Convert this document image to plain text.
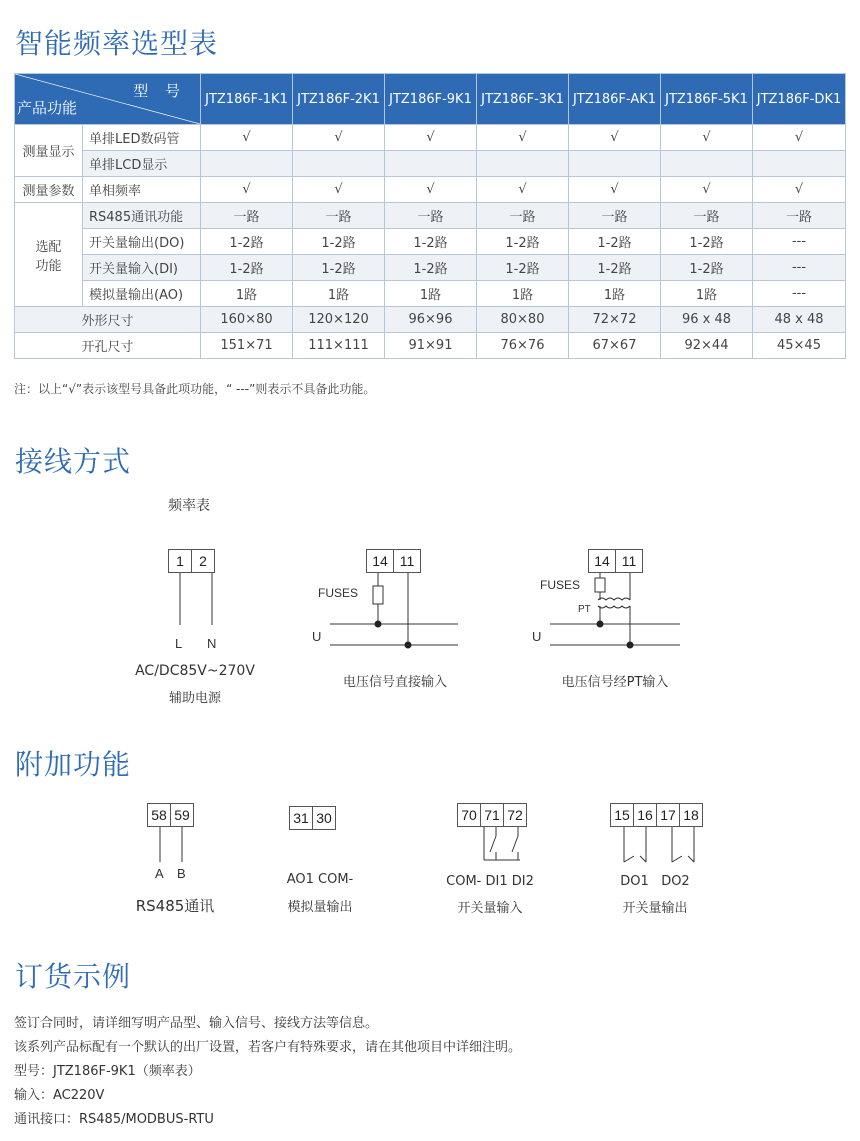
智能频率选型表
型 号
产品功能		JTZ186F-1K1	JTZ186F-2K1	JTZ186F-9K1	JTZ186F-3K1	JTZ186F-AK1	JTZ186F-5K1	JTZ186F-DK1
测量显示	单排LED数码管	√	√	√	√	√	√	√
	单排LCD显示							
测量参数	单相频率	√	√	√	√	√	√	√

选配
功能	RS485通讯功能	一路	一路	一路	一路	一路	一路	一路
	开关量输出(DO)	1-2路	1-2路	1-2路	1-2路	1-2路	1-2路	---
	开关量输入(DI)	1-2路	1-2路	1-2路	1-2路	1-2路	1-2路	---
	模拟量输出(AO)	1路	1路	1路	1路	1路	1路	---
外形尺寸		160×80	120×120	96×96	80×80	72×72	96 x 48	48 x 48
开孔尺寸		151×71	111×111	91×91	76×76	67×67	92×44	45×45
注：以上“√”表示该型号具备此项功能，“ ---”则表示不具备此功能。
接线方式
频率表
1	2
L N
AC/DC85V~270V
辅助电源
14 11
FUSES
U
电压信号直接输入
14 11
FUSES
PT
U
电压信号经PT输入
附加功能
58 59
A B
RS485通讯
31 30
AO1 COM-
模拟量输出
70 71 72
COM- DI1 DI2
开关量输入
15 16 17 18
DO1   DO2
开关量输出
订货示例

签订合同时，请详细写明产品型、输入信号、接线方法等信息。

该系列产品标配有一个默认的出厂设置，若客户有特殊要求，请在其他项目中详细注明。

型号：JTZ186F-9K1（频率表）

输入：AC220V

通讯接口：RS485/MODBUS-RTU
